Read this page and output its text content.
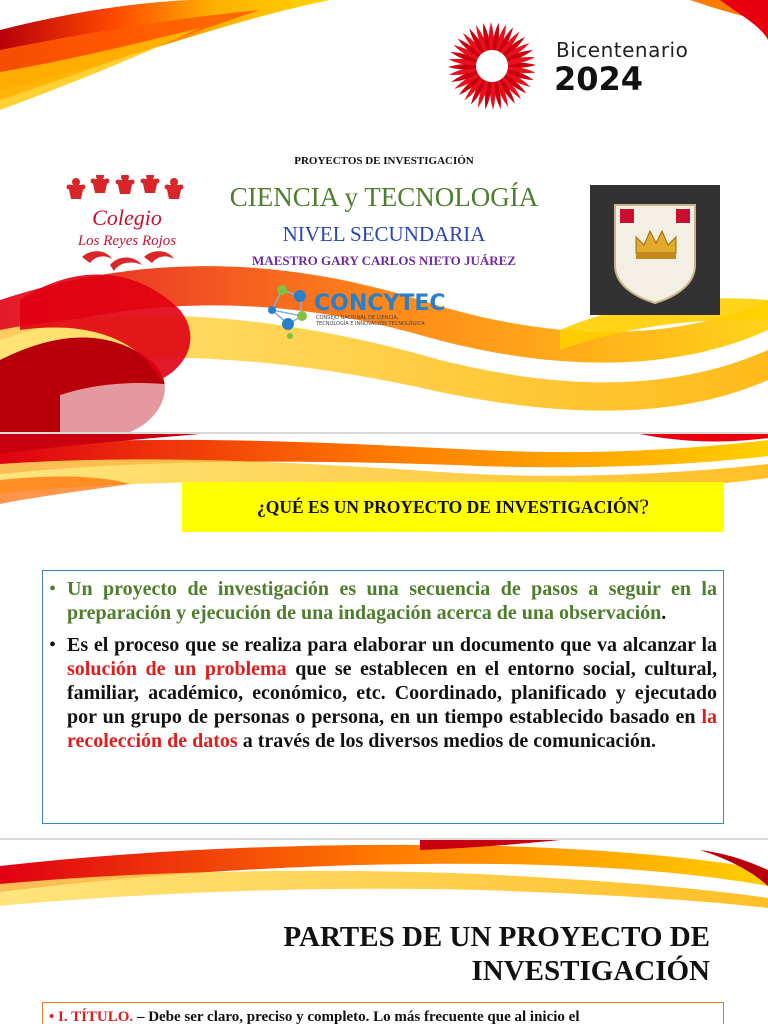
Bicentenario
2024
PROYECTOS DE INVESTIGACIÓN
CIENCIA y TECNOLOGÍA
NIVEL SECUNDARIA
MAESTRO GARY CARLOS NIETO JUÁREZ
Colegio
Los Reyes Rojos
CONCYTEC
CONSEJO NACIONAL DE CIENCIA,
TECNOLOGÍA E INNOVACIÓN TECNOLÓGICA
¿QUÉ ES UN PROYECTO DE INVESTIGACIÓN ?
• Un proyecto de investigación es una secuencia de pasos a seguir en la preparación y ejecución de una indagación acerca de una observación.
• Es el proceso que se realiza para elaborar un documento que va alcanzar la solución de un problema que se establecen en el entorno social, cultural, familiar, académico, económico, etc. Coordinado, planificado y ejecutado por un grupo de personas o persona, en un tiempo establecido basado en la recolección de datos a través de los diversos medios de comunicación.
PARTES DE UN PROYECTO DE
INVESTIGACIÓN
• I. TÍTULO. – Debe ser claro, preciso y completo. Lo más frecuente que al inicio el
